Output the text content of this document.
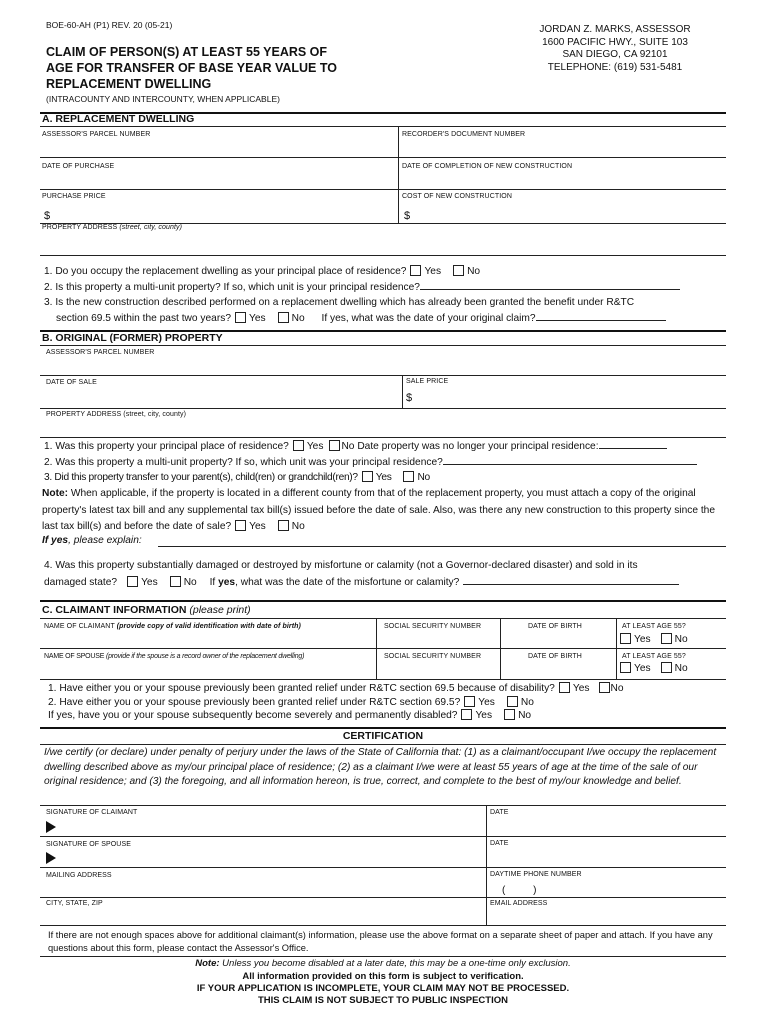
BOE-60-AH (P1) REV. 20 (05-21)
CLAIM OF PERSON(S) AT LEAST 55 YEARS OF
AGE FOR TRANSFER OF BASE YEAR VALUE TO
REPLACEMENT DWELLING
(INTRACOUNTY AND INTERCOUNTY, WHEN APPLICABLE)
JORDAN Z. MARKS, ASSESSOR
1600 PACIFIC HWY., SUITE 103
SAN DIEGO, CA 92101
TELEPHONE: (619) 531-5481
A. REPLACEMENT DWELLING
ASSESSOR'S PARCEL NUMBER	RECORDER'S DOCUMENT NUMBER
DATE OF PURCHASE	DATE OF COMPLETION OF NEW CONSTRUCTION
PURCHASE PRICE	COST OF NEW CONSTRUCTION
$	$
PROPERTY ADDRESS (street, city, county)
1. Do you occupy the replacement dwelling as your principal place of residence? Yes	No
2. Is this property a multi-unit property? If so, which unit is your principal residence?
3. Is the new construction described performed on a replacement dwelling which has already been granted the benefit under R&TC
section 69.5 within the past two years? Yes	No If yes, what was the date of your original claim?
B. ORIGINAL (FORMER) PROPERTY
ASSESSOR'S PARCEL NUMBER
DATE OF SALE	SALE PRICE
$
PROPERTY ADDRESS (street, city, county)
1. Was this property your principal place of residence? Yes No Date property was no longer your principal residence:
2. Was this property a multi-unit property? If so, which unit was your principal residence?
3. Did this property transfer to your parent(s), child(ren) or grandchild(ren)? Yes	No
Note: When applicable, if the property is located in a different county from that of the replacement property, you must attach a copy of the original property's latest tax bill and any supplemental tax bill(s) issued before the date of sale. Also, was there any new construction to this property since the last tax bill(s) and before the date of sale? Yes	No
If yes, please explain:
4. Was this property substantially damaged or destroyed by misfortune or calamity (not a Governor-declared disaster) and sold in its
damaged state? Yes	No If yes, what was the date of the misfortune or calamity?
C. CLAIMANT INFORMATION (please print)
NAME OF CLAIMANT (provide copy of valid identification with date of birth)	SOCIAL SECURITY NUMBER	DATE OF BIRTH	AT LEAST AGE 55?
Yes No
NAME OF SPOUSE (provide if the spouse is a record owner of the replacement dwelling)	SOCIAL SECURITY NUMBER	DATE OF BIRTH	AT LEAST AGE 55?
Yes No
1. Have either you or your spouse previously been granted relief under R&TC section 69.5 because of disability? Yes No
2. Have either you or your spouse previously been granted relief under R&TC section 69.5? Yes	No
If yes, have you or your spouse subsequently become severely and permanently disabled? Yes	No
CERTIFICATION
I/we certify (or declare) under penalty of perjury under the laws of the State of California that: (1) as a claimant/occupant I/we occupy the replacement dwelling described above as my/our principal place of residence; (2) as a claimant I/we were at least 55 years of age at the time of the sale of our original residence; and (3) the foregoing, and all information hereon, is true, correct, and complete to the best of my/our knowledge and belief.
SIGNATURE OF CLAIMANT	DATE
SIGNATURE OF SPOUSE	DATE
MAILING ADDRESS	DAYTIME PHONE NUMBER
(          )
CITY, STATE, ZIP	EMAIL ADDRESS
If there are not enough spaces above for additional claimant(s) information, please use the above format on a separate sheet of paper and attach. If you have any questions about this form, please contact the Assessor's Office.
Note: Unless you become disabled at a later date, this may be a one-time only exclusion.
All information provided on this form is subject to verification.
IF YOUR APPLICATION IS INCOMPLETE, YOUR CLAIM MAY NOT BE PROCESSED.
THIS CLAIM IS NOT SUBJECT TO PUBLIC INSPECTION
